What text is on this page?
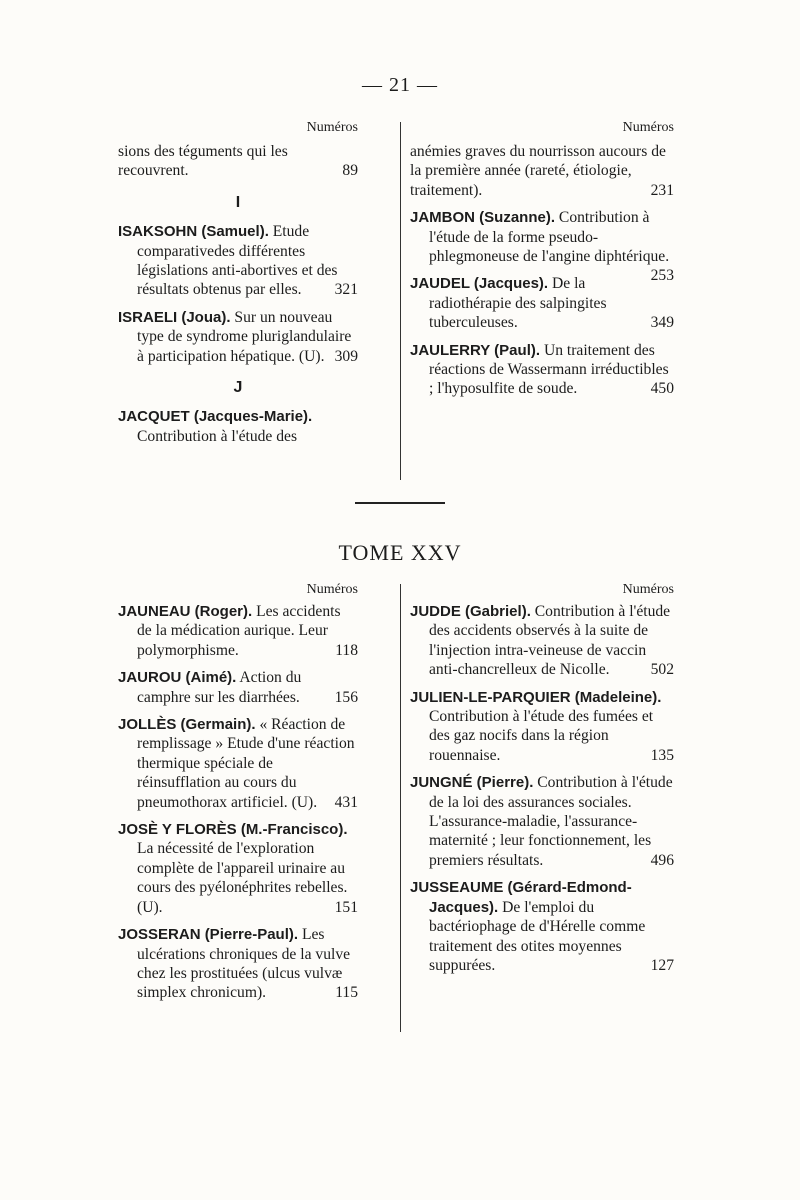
— 21 —
Numéros	Numéros

sions des téguments qui les recouvrent.	89

I

ISAKSOHN (Samuel). Etude comparativedes différentes législations anti-abortives et des résultats obtenus par elles. 321

ISRAELI (Joua). Sur un nouveau type de syndrome pluriglandulaire à participation hépatique. (U). 309

J

JACQUET (Jacques-Marie). Contribution à l'étude des

anémies graves du nourrisson aucours de la première année (rareté, étiologie, traitement).	231

JAMBON (Suzanne). Contribution à l'étude de la forme pseudo-phlegmoneuse de l'angine diphtérique.
253

JAUDEL (Jacques). De la radiothérapie des salpingites tuberculeuses.	349

JAULERRY (Paul). Un traitement des réactions de Wassermann irréductibles ; l'hyposulfite de soude.	450

TOME XXV
Numéros	Numéros

JAUNEAU (Roger). Les accidents de la médication aurique. Leur polymorphisme.	118

JAUROU (Aimé). Action du camphre sur les diarrhées. 156

JOLLÈS (Germain). « Réaction de remplissage » Etude d'une réaction thermique spéciale de réinsufflation au cours du pneumothorax artificiel. (U). 431

JOSÈ Y FLORÈS (M.-Francisco). La nécessité de l'exploration complète de l'appareil urinaire au cours des pyélonéphrites rebelles. (U).	151

JOSSERAN (Pierre-Paul). Les ulcérations chroniques de la vulve chez les prostituées (ulcus vulvæ simplex chronicum).	115

JUDDE (Gabriel). Contribution à l'étude des accidents observés à la suite de l'injection intra-veineuse de vaccin anti-chancrelleux de Nicolle.	502

JULIEN-LE-PARQUIER (Madeleine). Contribution à l'étude des fumées et des gaz nocifs dans la région rouennaise.	135

JUNGNÉ (Pierre). Contribution à l'étude de la loi des assurances sociales. L'assurance-maladie, l'assurance-maternité ; leur fonctionnement, les premiers résultats.	496

JUSSEAUME (Gérard-Edmond-Jacques). De l'emploi du bactériophage de d'Hérelle comme traitement des otites moyennes suppurées.	127
